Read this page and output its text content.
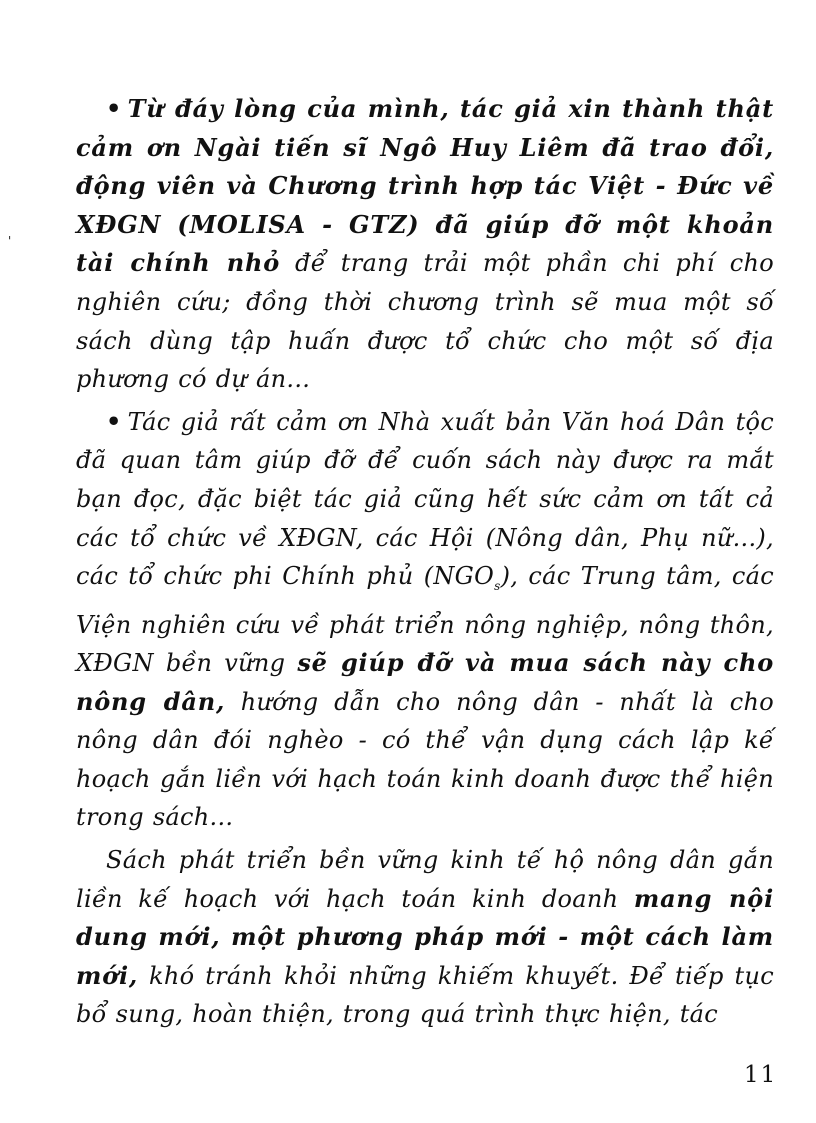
'

• Từ đáy lòng của mình, tác giả xin thành thật cảm ơn Ngài tiến sĩ Ngô Huy Liêm đã trao đổi, động viên và Chương trình hợp tác Việt - Đức về XĐGN (MOLISA - GTZ) đã giúp đỡ một khoản tài chính nhỏ để trang trải một phần chi phí cho nghiên cứu; đồng thời chương trình sẽ mua một số sách dùng tập huấn được tổ chức cho một số địa phương có dự án...

• Tác giả rất cảm ơn Nhà xuất bản Văn hoá Dân tộc đã quan tâm giúp đỡ để cuốn sách này được ra mắt bạn đọc, đặc biệt tác giả cũng hết sức cảm ơn tất cả các tổ chức về XĐGN, các Hội (Nông dân, Phụ nữ...), các tổ chức phi Chính phủ $(NGO_s)$, các Trung tâm, các Viện nghiên cứu về phát triển nông nghiệp, nông thôn, XĐGN bền vững sẽ giúp đỡ và mua sách này cho nông dân, hướng dẫn cho nông dân - nhất là cho nông dân đói nghèo - có thể vận dụng cách lập kế hoạch gắn liền với hạch toán kinh doanh được thể hiện trong sách...

Sách phát triển bền vững kinh tế hộ nông dân gắn liền kế hoạch với hạch toán kinh doanh mang nội dung mới, một phương pháp mới - một cách làm mới, khó tránh khỏi những khiếm khuyết. Để tiếp tục bổ sung, hoàn thiện, trong quá trình thực hiện, tác

11
